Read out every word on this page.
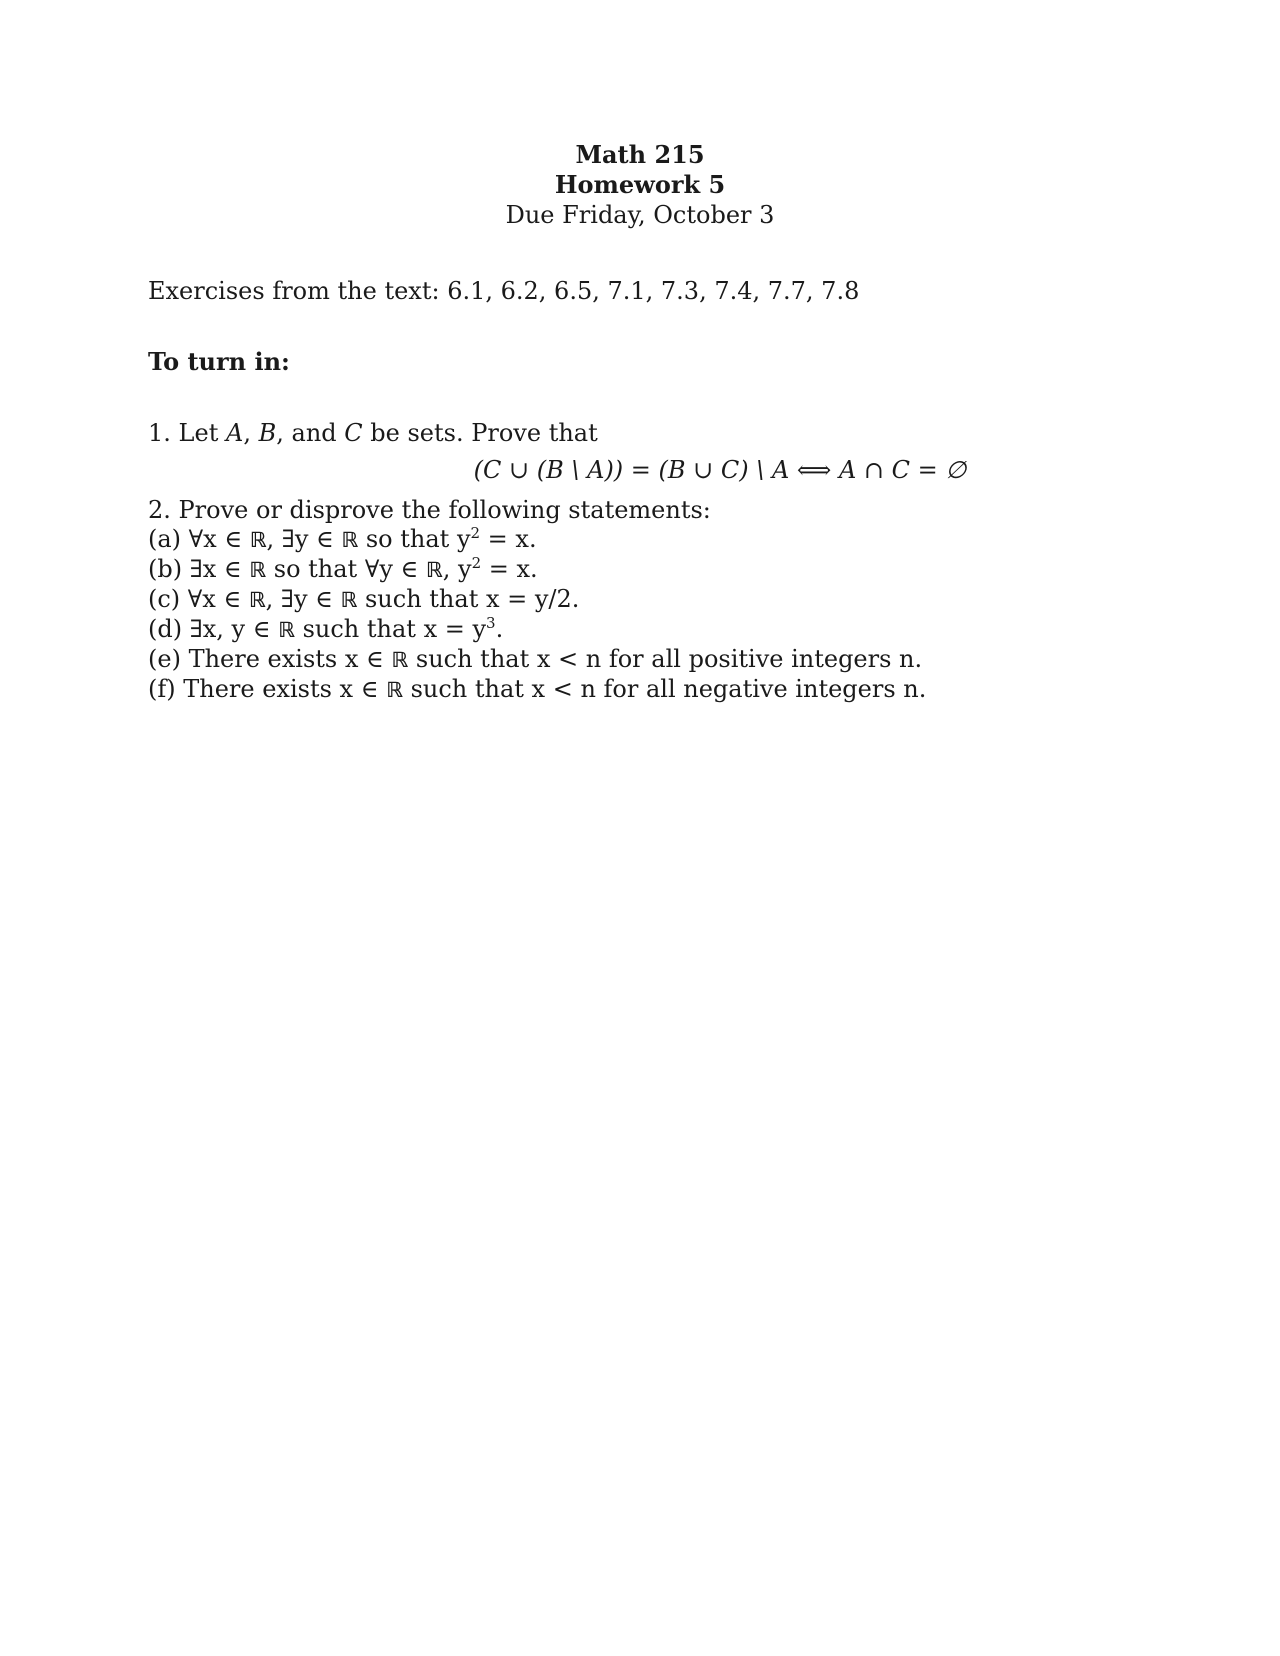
Math 215
Homework 5
Due Friday, October 3
Exercises from the text: 6.1, 6.2, 6.5, 7.1, 7.3, 7.4, 7.7, 7.8
To turn in:
1. Let A, B, and C be sets. Prove that
(C ∪ (B \ A)) = (B ∪ C) \ A ⟺ A ∩ C = ∅
2. Prove or disprove the following statements:
(a) ∀x ∈ ℝ, ∃y ∈ ℝ so that $y^2 = x$.
(b) ∃x ∈ ℝ so that ∀y ∈ ℝ, $y^2 = x$.
(c) ∀x ∈ ℝ, ∃y ∈ ℝ such that x = y/2.
(d) ∃x, y ∈ ℝ such that $x = y^3$.
(e) There exists x ∈ ℝ such that x < n for all positive integers n.
(f) There exists x ∈ ℝ such that x < n for all negative integers n.
